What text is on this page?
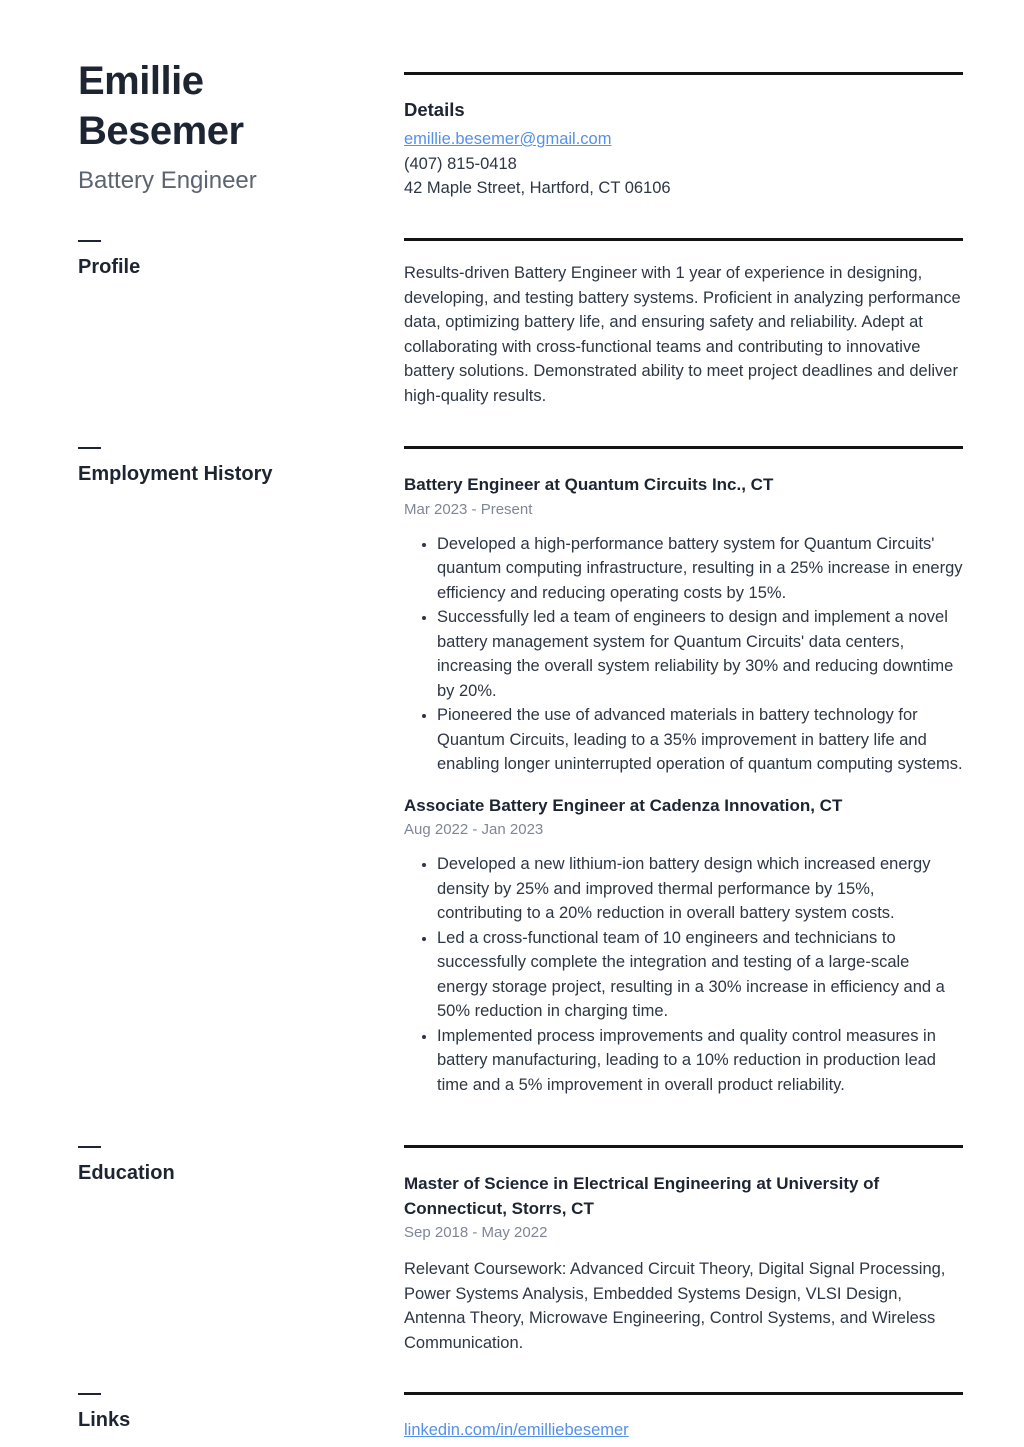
Emillie Besemer
Battery Engineer
Profile
Employment History
Education
Links
Details
emillie.besemer@gmail.com
(407) 815-0418
42 Maple Street, Hartford, CT 06106

Results-driven Battery Engineer with 1 year of experience in designing, developing, and testing battery systems. Proficient in analyzing performance data, optimizing battery life, and ensuring safety and reliability. Adept at collaborating with cross-functional teams and contributing to innovative battery solutions. Demonstrated ability to meet project deadlines and deliver high-quality results.

Battery Engineer at Quantum Circuits Inc., CT
Mar 2023 - Present
• Developed a high-performance battery system for Quantum Circuits' quantum computing infrastructure, resulting in a 25% increase in energy efficiency and reducing operating costs by 15%.
• Successfully led a team of engineers to design and implement a novel battery management system for Quantum Circuits' data centers, increasing the overall system reliability by 30% and reducing downtime by 20%.
• Pioneered the use of advanced materials in battery technology for Quantum Circuits, leading to a 35% improvement in battery life and enabling longer uninterrupted operation of quantum computing systems.
Associate Battery Engineer at Cadenza Innovation, CT
Aug 2022 - Jan 2023
• Developed a new lithium-ion battery design which increased energy density by 25% and improved thermal performance by 15%, contributing to a 20% reduction in overall battery system costs.
• Led a cross-functional team of 10 engineers and technicians to successfully complete the integration and testing of a large-scale energy storage project, resulting in a 30% increase in efficiency and a 50% reduction in charging time.
• Implemented process improvements and quality control measures in battery manufacturing, leading to a 10% reduction in production lead time and a 5% improvement in overall product reliability.
Master of Science in Electrical Engineering at University of Connecticut, Storrs, CT
Sep 2018 - May 2022

Relevant Coursework: Advanced Circuit Theory, Digital Signal Processing, Power Systems Analysis, Embedded Systems Design, VLSI Design, Antenna Theory, Microwave Engineering, Control Systems, and Wireless Communication.

linkedin.com/in/emilliebesemer
